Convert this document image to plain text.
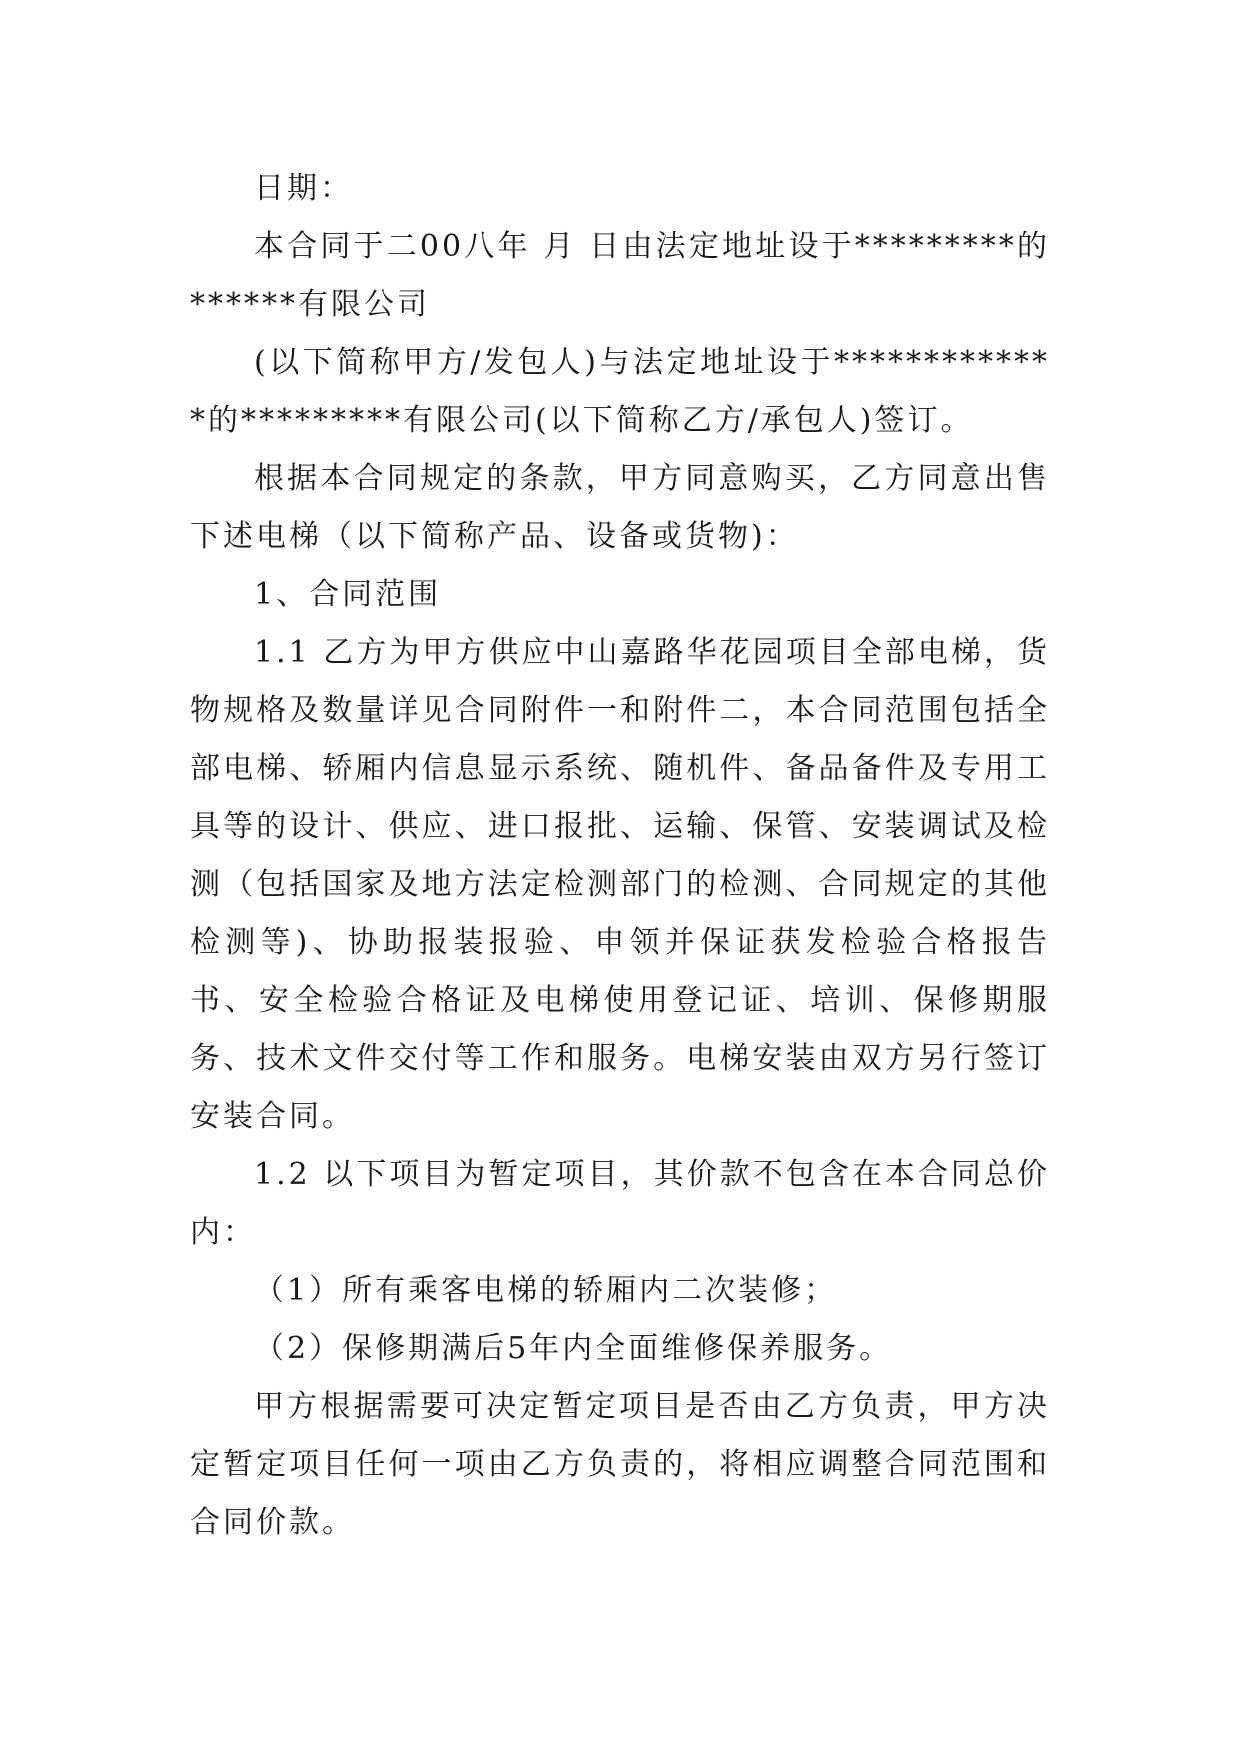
日期：

本合同于二00八年 月 日由法定地址设于*********的******有限公司

(以下简称甲方/发包人)与法定地址设于*************的*********有限公司(以下简称乙方/承包人)签订。

根据本合同规定的条款，甲方同意购买，乙方同意出售下述电梯（以下简称产品、设备或货物)：

1、合同范围

1.1 乙方为甲方供应中山嘉路华花园项目全部电梯，货物规格及数量详见合同附件一和附件二，本合同范围包括全部电梯、轿厢内信息显示系统、随机件、备品备件及专用工具等的设计、供应、进口报批、运输、保管、安装调试及检测（包括国家及地方法定检测部门的检测、合同规定的其他检测等)、协助报装报验、申领并保证获发检验合格报告书、安全检验合格证及电梯使用登记证、培训、保修期服务、技术文件交付等工作和服务。电梯安装由双方另行签订安装合同。

1.2 以下项目为暂定项目，其价款不包含在本合同总价内：

（1）所有乘客电梯的轿厢内二次装修；

（2）保修期满后5年内全面维修保养服务。

甲方根据需要可决定暂定项目是否由乙方负责，甲方决定暂定项目任何一项由乙方负责的，将相应调整合同范围和合同价款。
